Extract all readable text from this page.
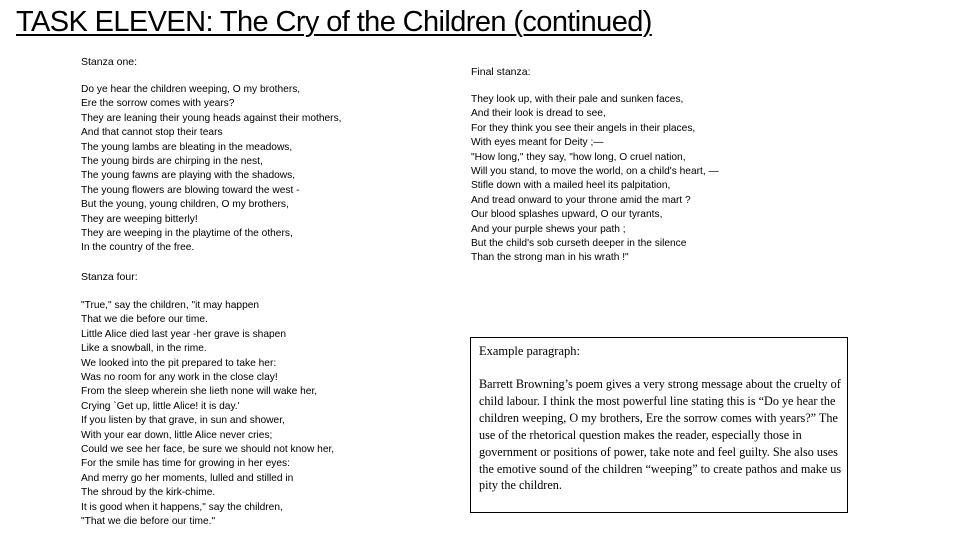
TASK ELEVEN: The Cry of the Children (continued)
Stanza one:
Do ye hear the children weeping, O my brothers,
Ere the sorrow comes with years?
They are leaning their young heads against their mothers,
And that cannot stop their tears
The young lambs are bleating in the meadows,
The young birds are chirping in the nest,
The young fawns are playing with the shadows,
The young flowers are blowing toward the west -
But the young, young children, O my brothers,
They are weeping bitterly!
They are weeping in the playtime of the others,
In the country of the free.
Stanza four:
"True," say the children, "it may happen
That we die before our time.
Little Alice died last year -her grave is shapen
Like a snowball, in the rime.
We looked into the pit prepared to take her:
Was no room for any work in the close clay!
From the sleep wherein she lieth none will wake her,
Crying `Get up, little Alice! it is day.'
If you listen by that grave, in sun and shower,
With your ear down, little Alice never cries;
Could we see her face, be sure we should not know her,
For the smile has time for growing in her eyes:
And merry go her moments, lulled and stilled in
The shroud by the kirk-chime.
It is good when it happens," say the children,
"That we die before our time."
Final stanza:
They look up, with their pale and sunken faces,
And their look is dread to see,
For they think you see their angels in their places,
With eyes meant for Deity ;—
"How long," they say, "how long, O cruel nation,
Will you stand, to move the world, on a child's heart, —
Stifle down with a mailed heel its palpitation,
And tread onward to your throne amid the mart ?
Our blood splashes upward, O our tyrants,
And your purple shews your path ;
But the child's sob curseth deeper in the silence
Than the strong man in his wrath !"
Example paragraph:
Barrett Browning’s poem gives a very strong message about the cruelty of child labour. I think the most powerful line stating this is “Do ye hear the children weeping, O my brothers, Ere the sorrow comes with years?” The use of the rhetorical question makes the reader, especially those in government or positions of power, take note and feel guilty. She also uses the emotive sound of the children “weeping” to create pathos and make us pity the children.
